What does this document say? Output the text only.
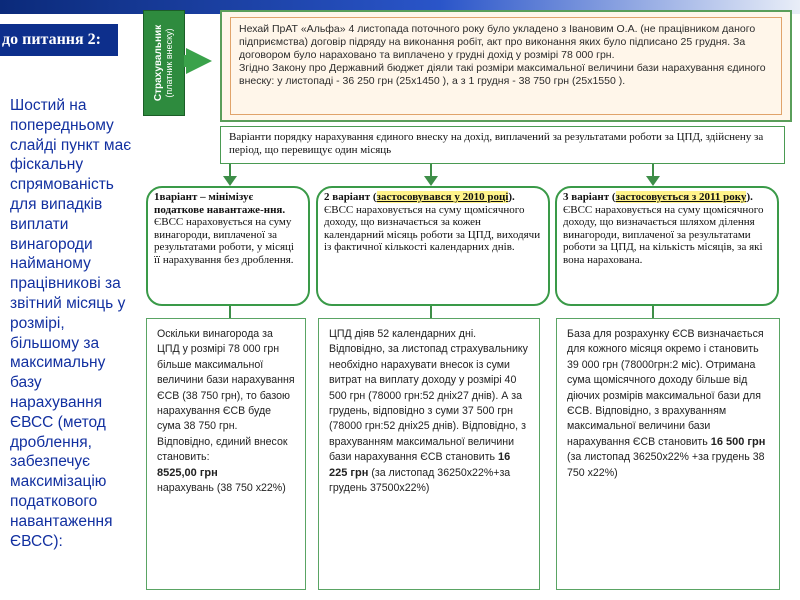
до питання 2:
Шостий на попередньому слайді пункт має фіскальну спрямованість для випадків виплати винагороди найманому працівникові за звітний місяць у розмірі, більшому за максимальну базу нарахування ЄВСС (метод дроблення, забезпечує максимізацію податкового навантаження ЄВСС):
Страхувальник (платник внеску)	Нехай ПрАТ «Альфа» 4 листопада поточного року було укладено з Івановим О.А. (не працівником даного підприємства) договір підряду на виконання робіт, акт про виконання яких було підписано 25 грудня. За договором було нараховано та виплачено у грудні дохід у розмірі 78 000 грн.
Згідно Закону про Державний бюджет діяли такі розміри максимальної величини бази нарахування єдиного внеску: у листопаді - 36 250 грн (25х1450 ), а з 1 грудня - 38 750 грн (25х1550 ).
Варіанти порядку нарахування єдиного внеску на дохід, виплачений за результатами роботи за ЦПД, здійснену за період, що перевищує один місяць
1варіант – мінімізує податкове навантаже-ння. ЄВСС нараховується на суму винагороди, виплаченої за результатами роботи, у місяці її нарахування без дроблення.
2 варіант (застосовувався у 2010 році). ЄВСС нараховується на суму щомісячного доходу, що визначається за кожен календарний місяць роботи за ЦПД, виходячи із фактичної кількості календарних днів.
3 варіант (застосовується з 2011 року). ЄВСС нараховується на суму щомісячного доходу, що визначається шляхом ділення винагороди, виплаченої за результатами роботи за ЦПД, на кількість місяців, за які вона нарахована.
Оскільки винагорода за ЦПД у розмірі 78 000 грн більше максимальної величини бази нарахування ЄСВ (38 750 грн), то базою нарахування ЄСВ буде сума 38 750 грн. Відповідно, єдиний внесок становить:
8525,00 грн
нарахувань (38 750 х22%)
ЦПД діяв 52 календарних дні. Відповідно, за листопад страхувальнику необхідно нарахувати внесок із суми витрат на виплату доходу у розмірі 40 500 грн (78000 грн:52 днiх27 днів). А за грудень, відповідно з суми 37 500 грн (78000 грн:52 днiх25 днів). Відповідно, з врахуванням максимальної величини бази нарахування ЄСВ становить 16 225 грн (за листопад 36250х22%+за грудень 37500х22%)
База для розрахунку ЄСВ визначається для кожного місяця окремо і становить 39 000 грн (78000грн:2 міс). Отримана сума щомісячного доходу більше від діючих розмірів максимальної бази для ЄСВ. Відповідно, з врахуванням максимальної величини бази нарахування ЄСВ становить 16 500 грн (за листопад 36250х22% +за грудень 38 750 х22%)
